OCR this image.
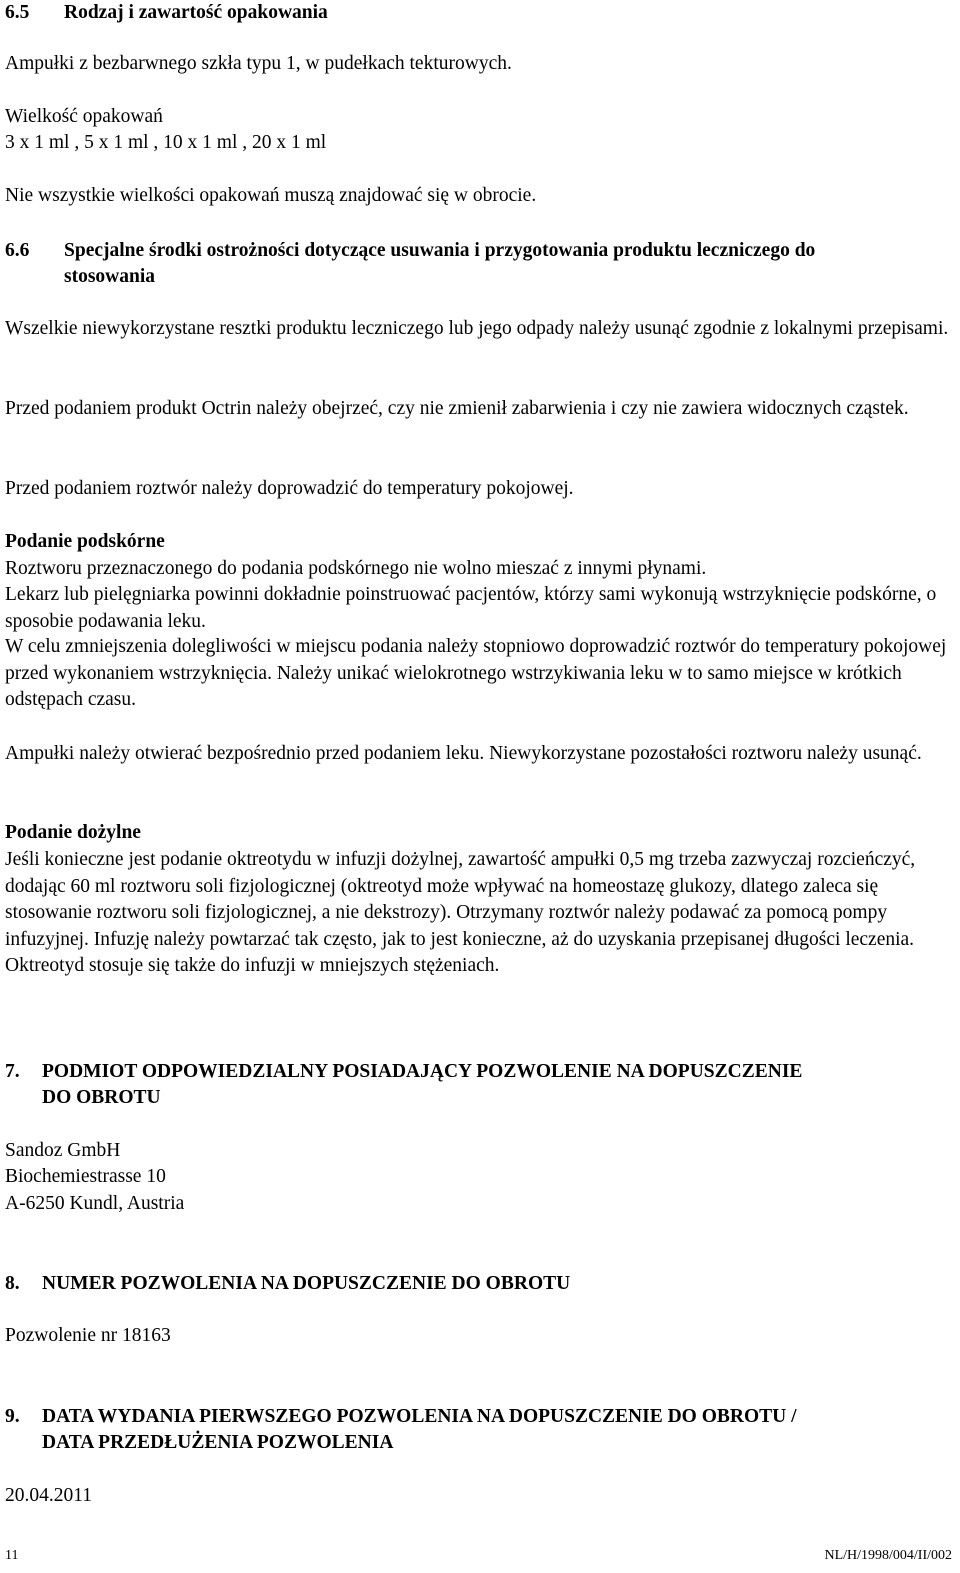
6.5 Rodzaj i zawartość opakowania

Ampułki z bezbarwnego szkła typu 1, w pudełkach tekturowych.

Wielkość opakowań

3 x 1 ml , 5 x 1 ml , 10 x 1 ml , 20 x 1 ml

Nie wszystkie wielkości opakowań muszą znajdować się w obrocie.

6.6 Specjalne środki ostrożności dotyczące usuwania i przygotowania produktu leczniczego do
stosowania

Wszelkie niewykorzystane resztki produktu leczniczego lub jego odpady należy usunąć zgodnie z lokalnymi przepisami.

Przed podaniem produkt Octrin należy obejrzeć, czy nie zmienił zabarwienia i czy nie zawiera widocznych cząstek.

Przed podaniem roztwór należy doprowadzić do temperatury pokojowej.

Podanie podskórne

Roztworu przeznaczonego do podania podskórnego nie wolno mieszać z innymi płynami.

Lekarz lub pielęgniarka powinni dokładnie poinstruować pacjentów, którzy sami wykonują wstrzyknięcie podskórne, o sposobie podawania leku.

W celu zmniejszenia dolegliwości w miejscu podania należy stopniowo doprowadzić roztwór do temperatury pokojowej przed wykonaniem wstrzyknięcia. Należy unikać wielokrotnego wstrzykiwania leku w to samo miejsce w krótkich odstępach czasu.

Ampułki należy otwierać bezpośrednio przed podaniem leku. Niewykorzystane pozostałości roztworu należy usunąć.

Podanie dożylne

Jeśli konieczne jest podanie oktreotydu w infuzji dożylnej, zawartość ampułki 0,5 mg trzeba zazwyczaj rozcieńczyć, dodając 60 ml roztworu soli fizjologicznej (oktreotyd może wpływać na homeostazę glukozy, dlatego zaleca się stosowanie roztworu soli fizjologicznej, a nie dekstrozy). Otrzymany roztwór należy podawać za pomocą pompy infuzyjnej. Infuzję należy powtarzać tak często, jak to jest konieczne, aż do uzyskania przepisanej długości leczenia. Oktreotyd stosuje się także do infuzji w mniejszych stężeniach.

7. PODMIOT ODPOWIEDZIALNY POSIADAJĄCY POZWOLENIE NA DOPUSZCZENIE
DO OBROTU

Sandoz GmbH

Biochemiestrasse 10

A-6250 Kundl, Austria

8. NUMER POZWOLENIA NA DOPUSZCZENIE DO OBROTU

Pozwolenie nr 18163

9. DATA WYDANIA PIERWSZEGO POZWOLENIA NA DOPUSZCZENIE DO OBROTU /
DATA PRZEDŁUŻENIA POZWOLENIA

20.04.2011

11	NL/H/1998/004/II/002
